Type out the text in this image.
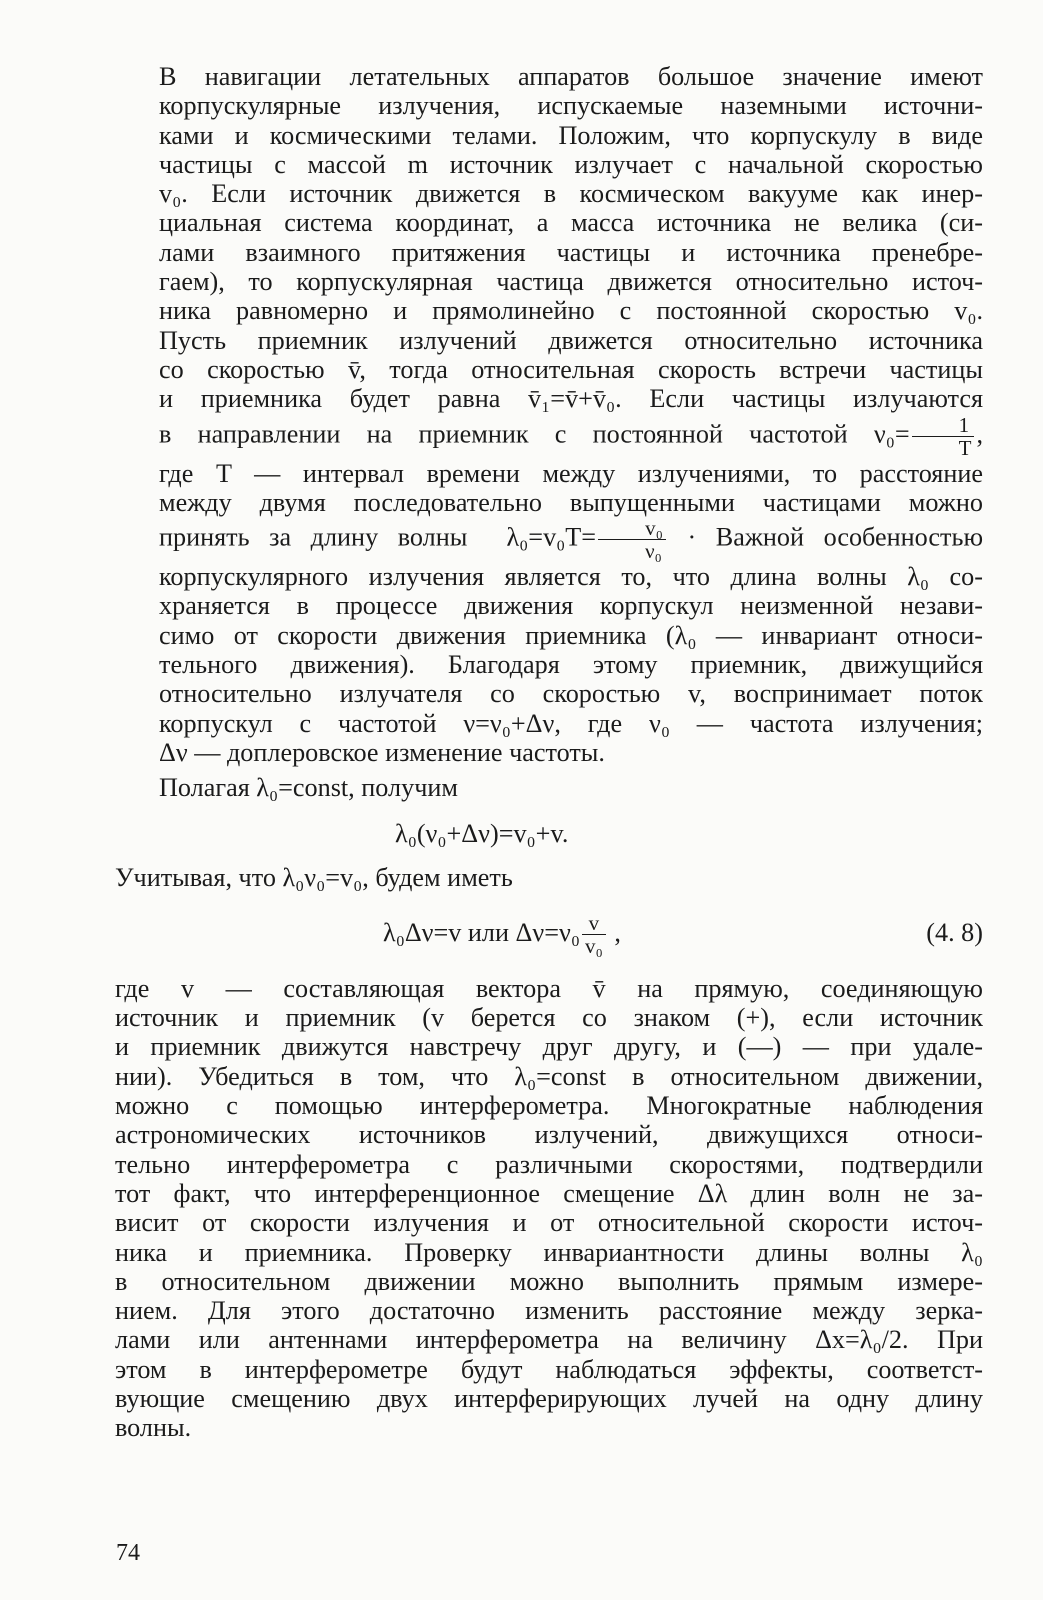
В навигации летательных аппаратов большое значение имеют
корпускулярные излучения, испускаемые наземными источни-
ками и космическими телами. Положим, что корпускулу в виде
частицы с массой m источник излучает с начальной скоростью
v₀. Если источник движется в космическом вакууме как инер-
циальная система координат, а масса источника не велика (си-
лами взаимного притяжения частицы и источника пренебре-
гаем), то корпускулярная частица движется относительно источ-
ника равномерно и прямолинейно с постоянной скоростью v₀.
Пусть приемник излучений движется относительно источника
со скоростью v̄, тогда относительная скорость встречи частицы
и приемника будет равна v̄₁=v̄+v̄₀. Если частицы излучаются
в направлении на приемник с постоянной частотой $\nu_0= \frac{1}{T}$ ,
где T — интервал времени между излучениями, то расстояние
между двумя последовательно выпущенными частицами можно
принять за длину волны $\lambda_0=v_0T= \frac{\text{v₀}}{\text{ν₀}}$ · Важной особенностью
корпускулярного излучения является то, что длина волны λ₀ со-
храняется в процессе движения корпускул неизменной незави-
симо от скорости движения приемника (λ₀ — инвариант относи-
тельного движения). Благодаря этому приемник, движущийся
относительно излучателя со скоростью v, воспринимает поток
корпускул с частотой ν=ν₀+Δν, где ν₀ — частота излучения;
Δν — доплеровское изменение частоты.

Полагая λ₀=const, получим

λ₀(ν₀+Δν)=v₀+v.

Учитывая, что λ₀ν₀=v₀, будем иметь

λ₀Δν=v или $\Delta\nu=\nu_0 \frac{v}{\text{v₀}}$ ,	(4. 8)

где v — составляющая вектора v̄ на прямую, соединяющую
источник и приемник (v берется со знаком (+), если источник
и приемник движутся навстречу друг другу, и (—) — при удале-
нии). Убедиться в том, что λ₀=const в относительном движении,
можно с помощью интерферометра. Многократные наблюдения
астрономических источников излучений, движущихся относи-
тельно интерферометра с различными скоростями, подтвердили
тот факт, что интерференционное смещение Δλ длин волн не за-
висит от скорости излучения и от относительной скорости источ-
ника и приемника. Проверку инвариантности длины волны λ₀
в относительном движении можно выполнить прямым измере-
нием. Для этого достаточно изменить расстояние между зерка-
лами или антеннами интерферометра на величину Δx=λ₀/2. При
этом в интерферометре будут наблюдаться эффекты, соответст-
вующие смещению двух интерферирующих лучей на одну длину
волны.

74
